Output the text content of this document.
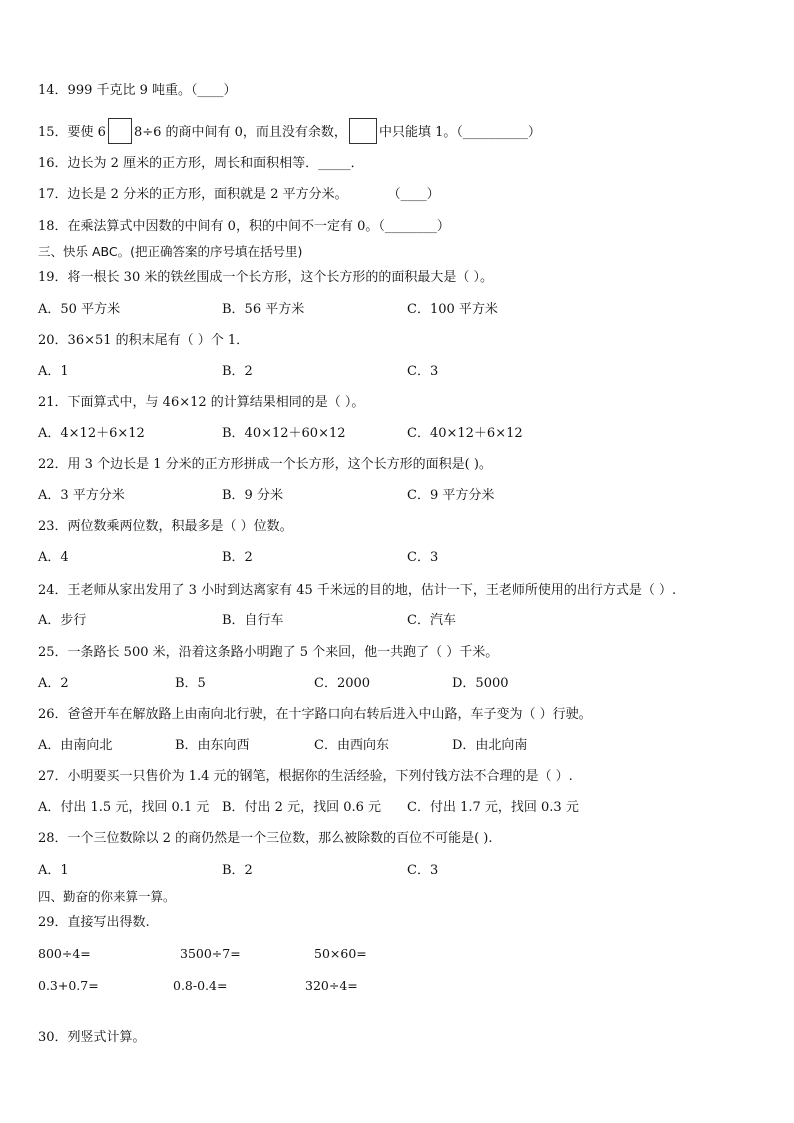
14．999 千克比 9 吨重。（____）
15．要使 6 8÷6 的商中间有 0，而且没有余数， 中只能填 1。（__________）
16．边长为 2 厘米的正方形，周长和面积相等．_____．
17．边长是 2 分米的正方形，面积就是 2 平方分米。	（____）
18．在乘法算式中因数的中间有 0，积的中间不一定有 0。（________）
三、快乐 ABC。(把正确答案的序号填在括号里)
19．将一根长 30 米的铁丝围成一个长方形，这个长方形的的面积最大是（ ）。
A．50 平方米	B．56 平方米	C．100 平方米
20．36×51 的积末尾有（ ）个 1．
A．1	B．2	C．3
21．下面算式中，与 46×12 的计算结果相同的是（ ）。
A．4×12＋6×12	B．40×12＋60×12	C．40×12＋6×12
22．用 3 个边长是 1 分米的正方形拼成一个长方形，这个长方形的面积是( )。
A．3 平方分米	B．9 分米	C．9 平方分米
23．两位数乘两位数，积最多是（ ）位数。
A．4	B．2	C．3
24．王老师从家出发用了 3 小时到达离家有 45 千米远的目的地，估计一下，王老师所使用的出行方式是（ ）.
A．步行	B．自行车	C．汽车
25．一条路长 500 米，沿着这条路小明跑了 5 个来回，他一共跑了（ ）千米。
A．2	B．5	C．2000	D．5000
26．爸爸开车在解放路上由南向北行驶，在十字路口向右转后进入中山路，车子变为（ ）行驶。
A．由南向北	B．由东向西	C．由西向东	D．由北向南
27．小明要买一只售价为 1.4 元的钢笔，根据你的生活经验，下列付钱方法不合理的是（ ）.
A．付出 1.5 元，找回 0.1 元 B．付出 2 元，找回 0.6 元 C．付出 1.7 元，找回 0.3 元
28．一个三位数除以 2 的商仍然是一个三位数，那么被除数的百位不可能是( ).
A．1	B．2	C．3
四、勤奋的你来算一算。
29．直接写出得数.
800÷4=	3500÷7=	50×60=
0.3+0.7=	0.8-0.4=	320÷4=
30．列竖式计算。
